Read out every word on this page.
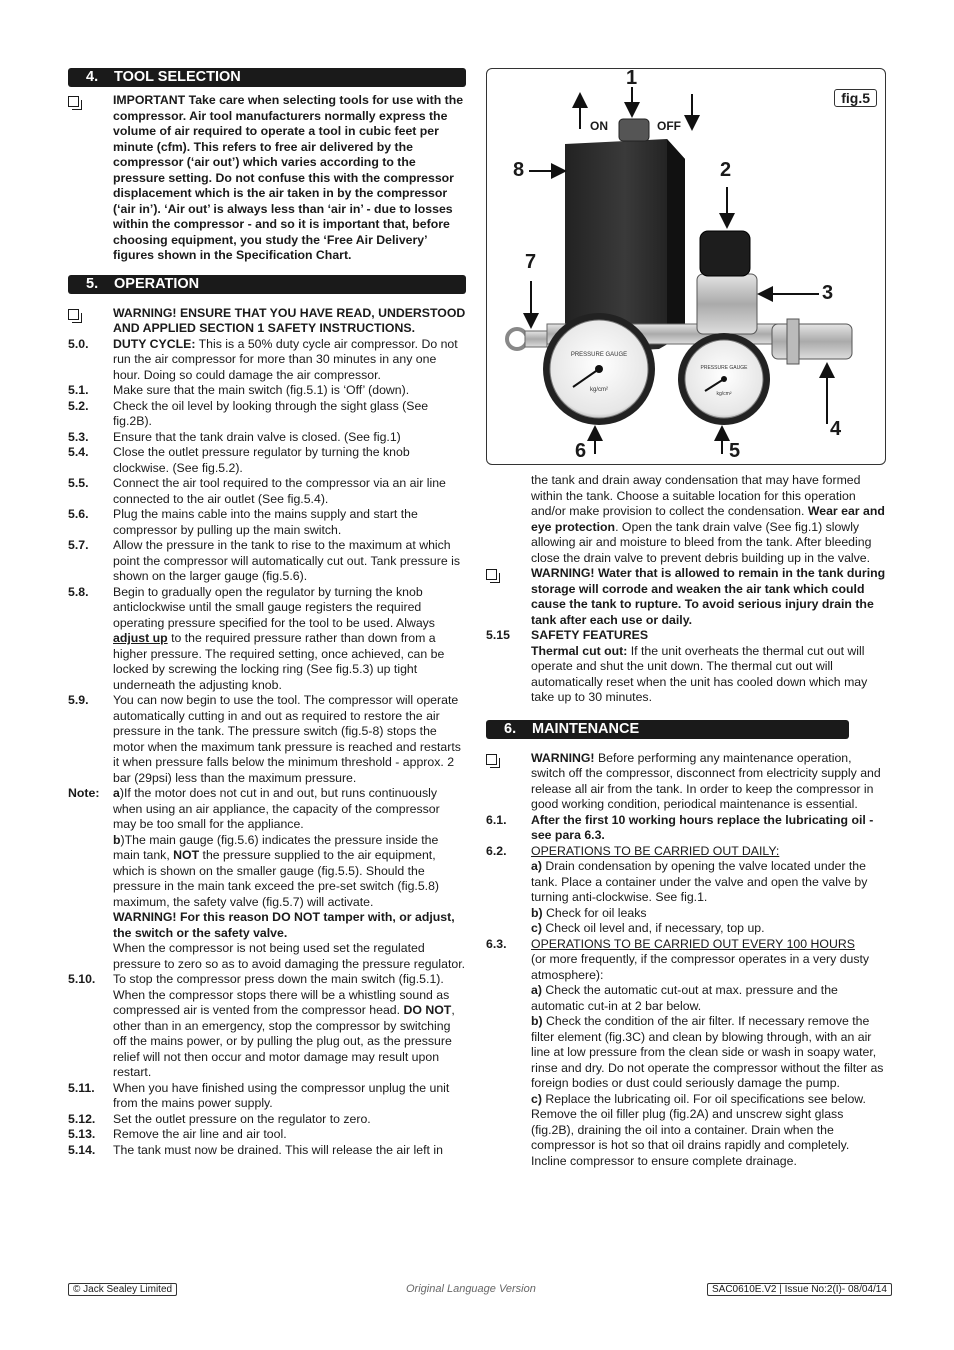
4. TOOL SELECTION
IMPORTANT Take care when selecting tools for use with the compressor. Air tool manufacturers normally express the volume of air required to operate a tool in cubic feet per minute (cfm). This refers to free air delivered by the compressor (‘air out’) which varies according to the pressure setting. Do not confuse this with the compressor displacement which is the air taken in by the compressor (‘air in’). ‘Air out’ is always less than ‘air in’ - due to losses within the compressor - and so it is important that, before choosing equipment, you study the ‘Free Air Delivery’ figures shown in the Specification Chart.
5. OPERATION
WARNING! ENSURE THAT YOU HAVE READ, UNDERSTOOD AND APPLIED SECTION 1 SAFETY INSTRUCTIONS.
5.0.	DUTY CYCLE: This is a 50% duty cycle air compressor. Do not run the air compressor for more than 30 minutes in any one hour. Doing so could damage the air compressor.
5.1.	Make sure that the main switch (fig.5.1) is ‘Off’ (down).
5.2.	Check the oil level by looking through the sight glass (See fig.2B).
5.3.	Ensure that the tank drain valve is closed. (See fig.1)
5.4.	Close the outlet pressure regulator by turning the knob clockwise. (See fig.5.2).
5.5.	Connect the air tool required to the compressor via an air line connected to the air outlet (See fig.5.4).
5.6.	Plug the mains cable into the mains supply and start the compressor by pulling up the main switch.
5.7.	Allow the pressure in the tank to rise to the maximum at which point the compressor will automatically cut out. Tank pressure is shown on the larger gauge (fig.5.6).
5.8.	Begin to gradually open the regulator by turning the knob anticlockwise until the small gauge registers the required operating pressure specified for the tool to be used. Always adjust up to the required pressure rather than down from a higher pressure. The required setting, once achieved, can be locked by screwing the locking ring (See fig.5.3) up tight underneath the adjusting knob.
5.9.	You can now begin to use the tool. The compressor will operate automatically cutting in and out as required to restore the air pressure in the tank. The pressure switch (fig.5-8) stops the motor when the maximum tank pressure is reached and restarts it when pressure falls below the minimum threshold - approx. 2 bar (29psi) less than the maximum pressure.
Note:	a)If the motor does not cut in and out, but runs continuously when using an air appliance, the capacity of the compressor may be too small for the appliance.

b)The main gauge (fig.5.6) indicates the pressure inside the main tank, NOT the pressure supplied to the air equipment, which is shown on the smaller gauge (fig.5.5). Should the pressure in the main tank exceed the pre-set switch (fig.5.8) maximum, the safety valve (fig.5.7) will activate.

WARNING! For this reason DO NOT tamper with, or adjust, the switch or the safety valve.

When the compressor is not being used set the regulated pressure to zero so as to avoid damaging the pressure regulator.

5.10.	To stop the compressor press down the main switch (fig.5.1). When the compressor stops there will be a whistling sound as compressed air is vented from the compressor head. DO NOT, other than in an emergency, stop the compressor by switching off the mains power, or by pulling the plug out, as the pressure relief will not then occur and motor damage may result upon restart.
5.11.	When you have finished using the compressor unplug the unit from the mains power supply.
5.12.	Set the outlet pressure on the regulator to zero.
5.13.	Remove the air line and air tool.
5.14.	The tank must now be drained. This will release the air left in
fig.5
PRESSURE GAUGE
kg/cm²
PRESSURE GAUGE
kg/cm²
1
2
3
4
5
6
7
8
ON	OFF
the tank and drain away condensation that may have formed within the tank. Choose a suitable location for this operation and/or make provision to collect the condensation. Wear ear and eye protection. Open the tank drain valve (See fig.1) slowly allowing air and moisture to bleed from the tank. After bleeding close the drain valve to prevent debris building up in the valve.
WARNING! Water that is allowed to remain in the tank during storage will corrode and weaken the air tank which could cause the tank to rupture. To avoid serious injury drain the tank after each use or daily.
5.15	SAFETY FEATURES

Thermal cut out: If the unit overheats the thermal cut out will operate and shut the unit down. The thermal cut out will automatically reset when the unit has cooled down which may take up to 30 minutes.

6. MAINTENANCE
WARNING! Before performing any maintenance operation, switch off the compressor, disconnect from electricity supply and release all air from the tank. In order to keep the compressor in good working condition, periodical maintenance is essential.
6.1.	After the first 10 working hours replace the lubricating oil - see para 6.3.
6.2.	OPERATIONS TO BE CARRIED OUT DAILY:

a) Drain condensation by opening the valve located under the tank. Place a container under the valve and open the valve by turning anti-clockwise. See fig.1.

b) Check for oil leaks

c) Check oil level and, if necessary, top up.

6.3.	OPERATIONS TO BE CARRIED OUT EVERY 100 HOURS

(or more frequently, if the compressor operates in a very dusty atmosphere):

a) Check the automatic cut-out at max. pressure and the automatic cut-in at 2 bar below.

b) Check the condition of the air filter. If necessary remove the filter element (fig.3C) and clean by blowing through, with an air line at low pressure from the clean side or wash in soapy water, rinse and dry. Do not operate the compressor without the filter as foreign bodies or dust could seriously damage the pump.

c) Replace the lubricating oil. For oil specifications see below. Remove the oil filler plug (fig.2A) and unscrew sight glass (fig.2B), draining the oil into a container. Drain when the compressor is hot so that oil drains rapidly and completely. Incline compressor to ensure complete drainage.

© Jack Sealey Limited	Original Language Version	SAC0610E.V2 | Issue No:2(I)- 08/04/14
